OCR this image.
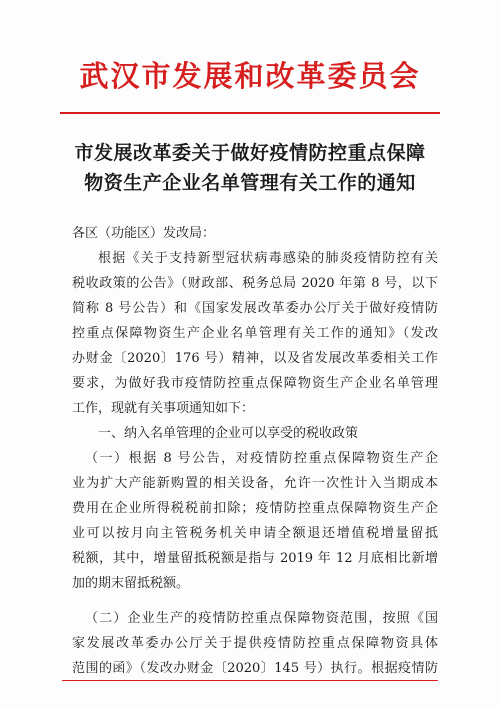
武汉市发展和改革委员会
市发展改革委关于做好疫情防控重点保障
物资生产企业名单管理有关工作的通知
各区（功能区）发改局：
根据《关于支持新型冠状病毒感染的肺炎疫情防控有关
税收政策的公告》（财政部、税务总局 2020 年第 8 号，以下
简称 8 号公告）和《国家发展改革委办公厅关于做好疫情防
控重点保障物资生产企业名单管理有关工作的通知》（发改
办财金〔2020〕176 号）精神，以及省发展改革委相关工作
要求，为做好我市疫情防控重点保障物资生产企业名单管理
工作，现就有关事项通知如下：
一、纳入名单管理的企业可以享受的税收政策
（一）根据 8 号公告，对疫情防控重点保障物资生产企
业为扩大产能新购置的相关设备，允许一次性计入当期成本
费用在企业所得税税前扣除；疫情防控重点保障物资生产企
业可以按月向主管税务机关申请全额退还增值税增量留抵
税额，其中，增量留抵税额是指与 2019 年 12 月底相比新增
加的期末留抵税额。
（二）企业生产的疫情防控重点保障物资范围，按照《国
家发展改革委办公厅关于提供疫情防控重点保障物资具体
范围的函》（发改办财金〔2020〕145 号）执行。根据疫情防
